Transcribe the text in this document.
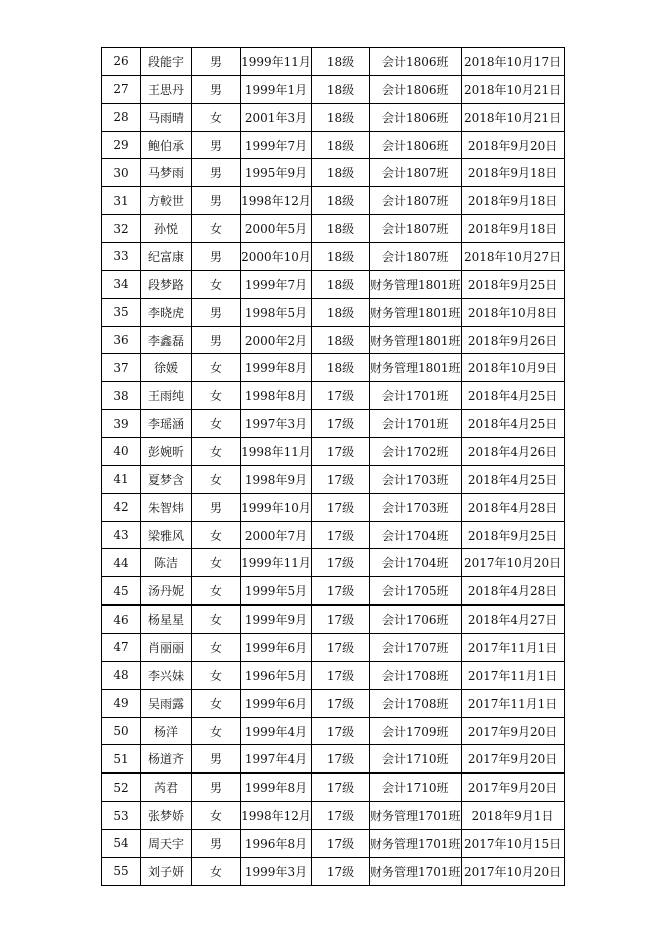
26	段能宇	男	1999年11月	18级	会计1806班	2018年10月17日
27	王思丹	男	1999年1月	18级	会计1806班	2018年10月21日
28	马雨晴	女	2001年3月	18级	会计1806班	2018年10月21日
29	鲍伯承	男	1999年7月	18级	会计1806班	2018年9月20日
30	马梦雨	男	1995年9月	18级	会计1807班	2018年9月18日
31	方較世	男	1998年12月	18级	会计1807班	2018年9月18日
32	孙悦	女	2000年5月	18级	会计1807班	2018年9月18日
33	纪富康	男	2000年10月	18级	会计1807班	2018年10月27日
34	段梦路	女	1999年7月	18级	财务管理1801班	2018年9月25日
35	李晓虎	男	1998年5月	18级	财务管理1801班	2018年10月8日
36	李鑫磊	男	2000年2月	18级	财务管理1801班	2018年9月26日
37	徐媛	女	1999年8月	18级	财务管理1801班	2018年10月9日
38	王雨纯	女	1998年8月	17级	会计1701班	2018年4月25日
39	李瑶涵	女	1997年3月	17级	会计1701班	2018年4月25日
40	彭婉昕	女	1998年11月	17级	会计1702班	2018年4月26日
41	夏梦含	女	1998年9月	17级	会计1703班	2018年4月25日
42	朱智炜	男	1999年10月	17级	会计1703班	2018年4月28日
43	梁雅风	女	2000年7月	17级	会计1704班	2018年9月25日
44	陈洁	女	1999年11月	17级	会计1704班	2017年10月20日
45	汤丹妮	女	1999年5月	17级	会计1705班	2018年4月28日
46	杨星星	女	1999年9月	17级	会计1706班	2018年4月27日
47	肖丽丽	女	1999年6月	17级	会计1707班	2017年11月1日
48	李兴妹	女	1996年5月	17级	会计1708班	2017年11月1日
49	吴雨露	女	1999年6月	17级	会计1708班	2017年11月1日
50	杨洋	女	1999年4月	17级	会计1709班	2017年9月20日
51	杨道齐	男	1997年4月	17级	会计1710班	2017年9月20日
52	芮君	男	1999年8月	17级	会计1710班	2017年9月20日
53	张梦娇	女	1998年12月	17级	财务管理1701班	2018年9月1日
54	周天宇	男	1996年8月	17级	财务管理1701班	2017年10月15日
55	刘子妍	女	1999年3月	17级	财务管理1701班	2017年10月20日
